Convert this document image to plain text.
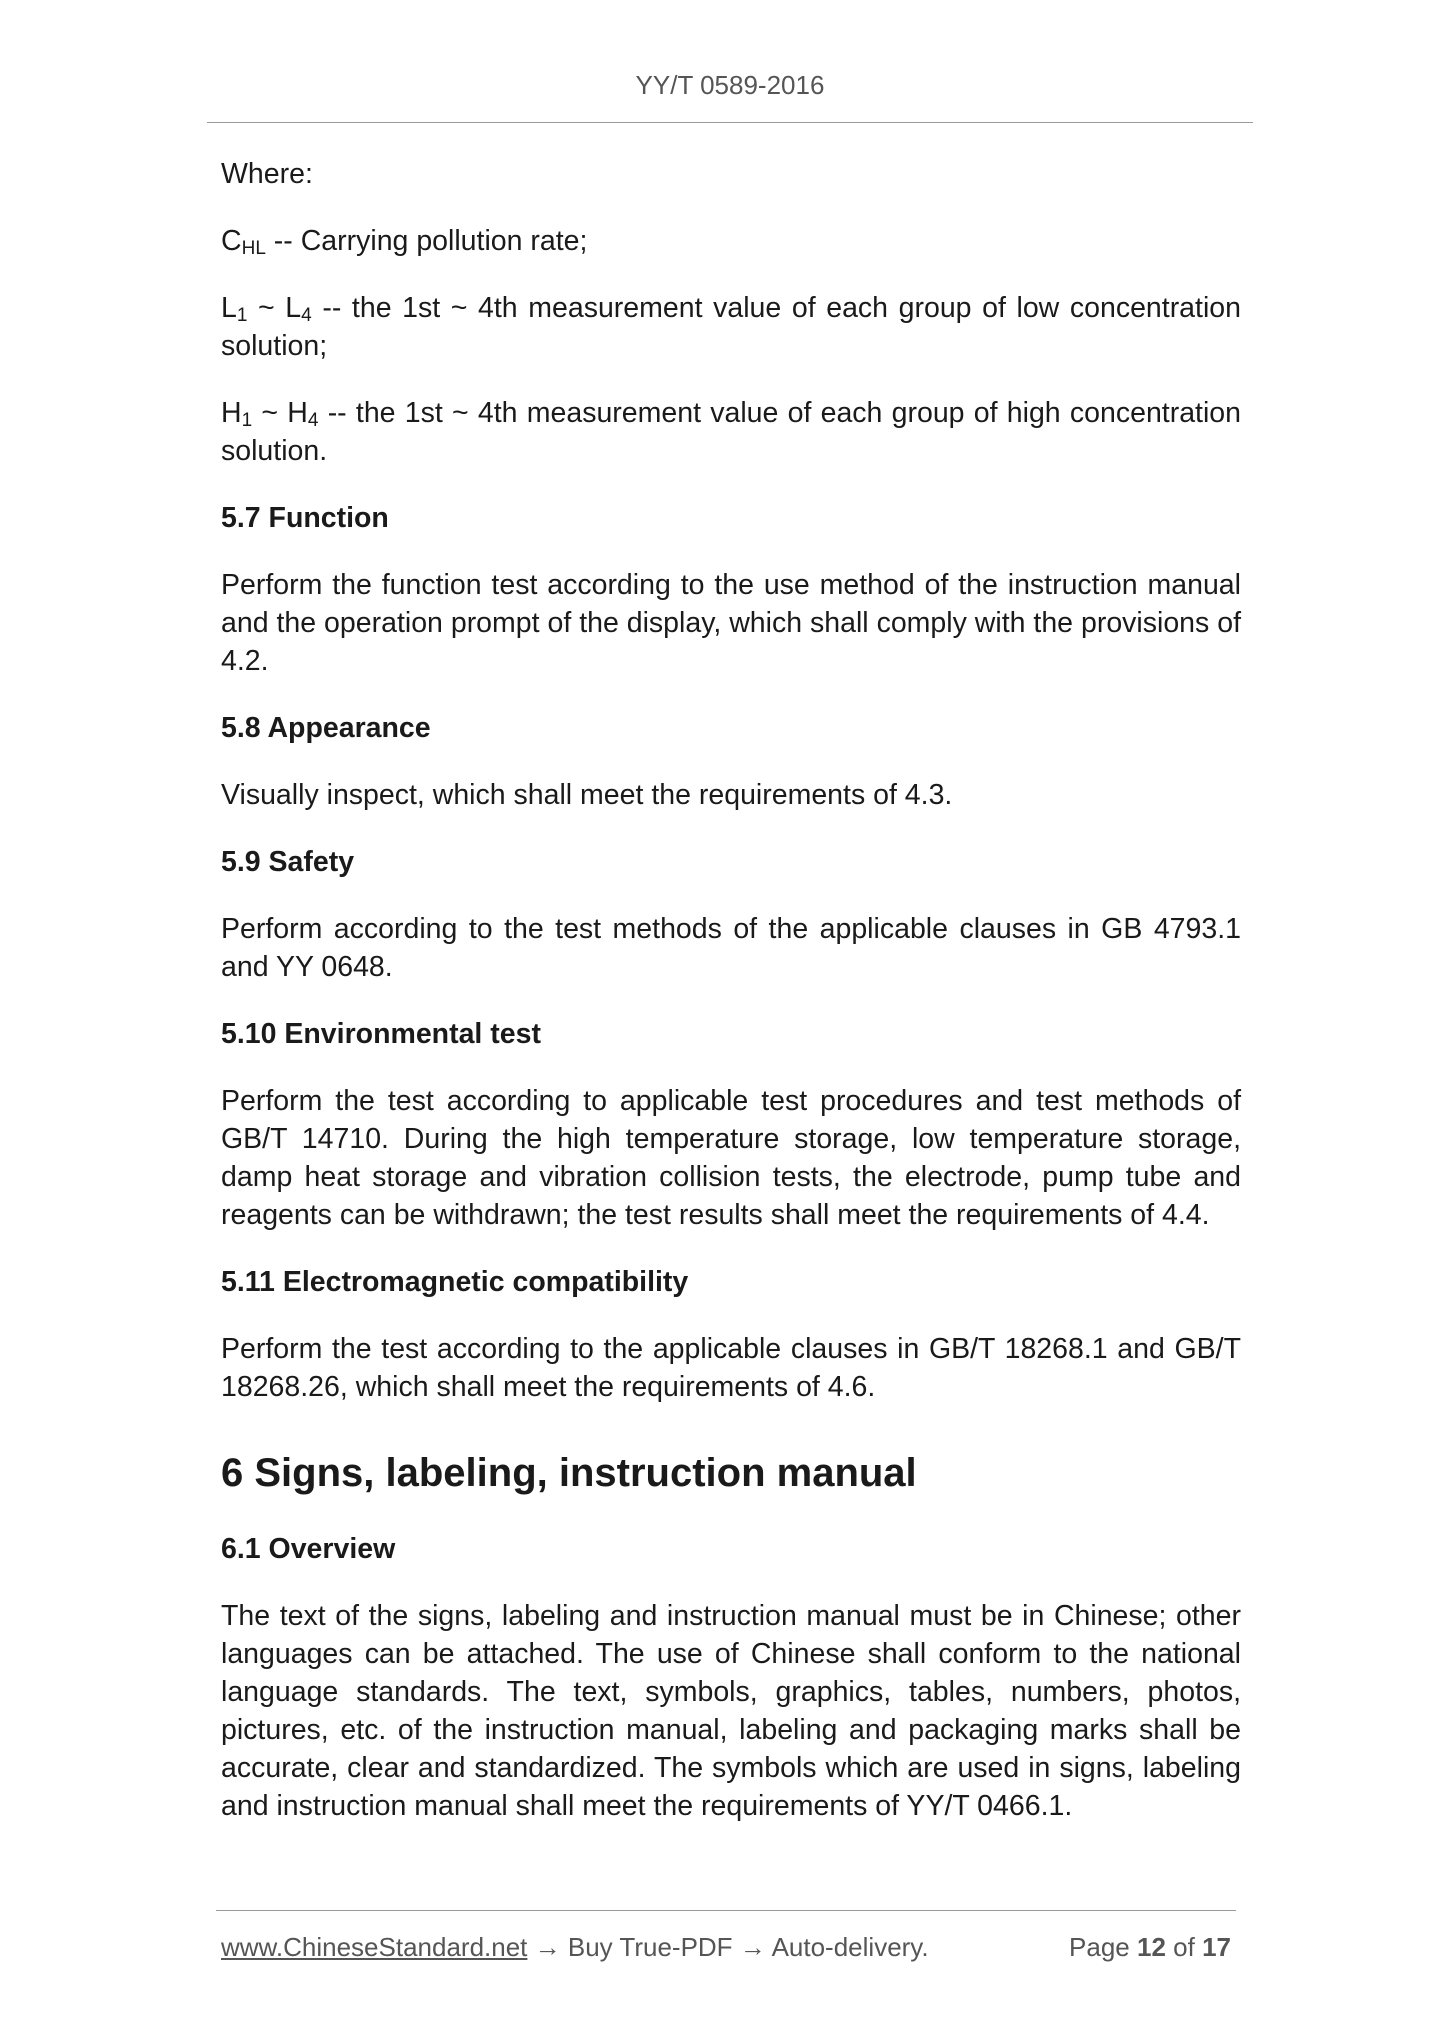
YY/T 0589-2016

Where:

$C_{HL}$ -- Carrying pollution rate;

$L_1$ ~ $L_4$ -- the 1st ~ 4th measurement value of each group of low concentration solution;

$H_1$ ~ $H_4$ -- the 1st ~ 4th measurement value of each group of high concentration solution.

5.7 Function

Perform the function test according to the use method of the instruction manual and the operation prompt of the display, which shall comply with the provisions of 4.2.

5.8 Appearance

Visually inspect, which shall meet the requirements of 4.3.

5.9 Safety

Perform according to the test methods of the applicable clauses in GB 4793.1 and YY 0648.

5.10 Environmental test

Perform the test according to applicable test procedures and test methods of GB/T 14710. During the high temperature storage, low temperature storage, damp heat storage and vibration collision tests, the electrode, pump tube and reagents can be withdrawn; the test results shall meet the requirements of 4.4.

5.11 Electromagnetic compatibility

Perform the test according to the applicable clauses in GB/T 18268.1 and GB/T 18268.26, which shall meet the requirements of 4.6.

6 Signs, labeling, instruction manual

6.1 Overview

The text of the signs, labeling and instruction manual must be in Chinese; other languages can be attached. The use of Chinese shall conform to the national language standards. The text, symbols, graphics, tables, numbers, photos, pictures, etc. of the instruction manual, labeling and packaging marks shall be accurate, clear and standardized. The symbols which are used in signs, labeling and instruction manual shall meet the requirements of YY/T 0466.1.

www.ChineseStandard.net → Buy True-PDF → Auto-delivery.	Page 12 of 17
